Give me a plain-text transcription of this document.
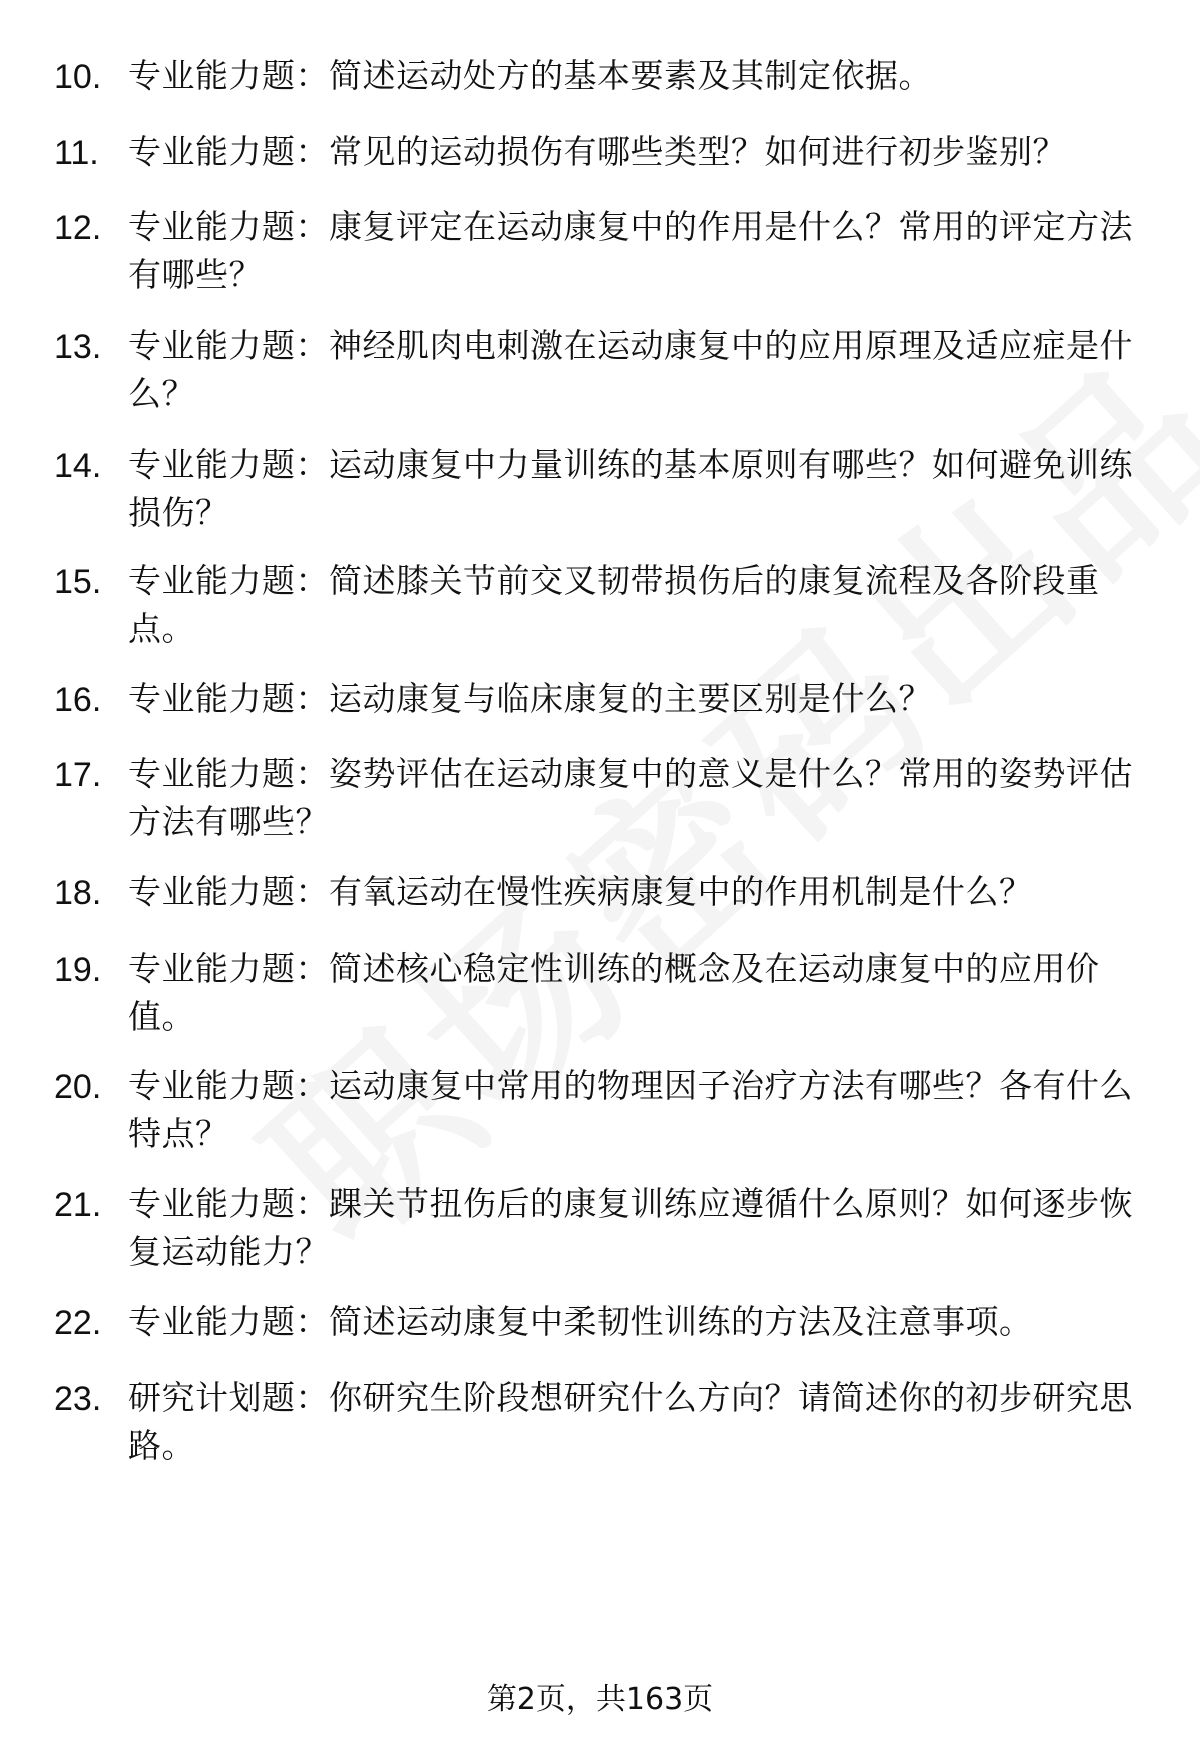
10. 专业能力题：简述运动处方的基本要素及其制定依据。
11. 专业能力题：常见的运动损伤有哪些类型？如何进行初步鉴别？
12. 专业能力题：康复评定在运动康复中的作用是什么？常用的评定方法有哪些？
13. 专业能力题：神经肌肉电刺激在运动康复中的应用原理及适应症是什么？
14. 专业能力题：运动康复中力量训练的基本原则有哪些？如何避免训练损伤？
15. 专业能力题：简述膝关节前交叉韧带损伤后的康复流程及各阶段重点。
16. 专业能力题：运动康复与临床康复的主要区别是什么？
17. 专业能力题：姿势评估在运动康复中的意义是什么？常用的姿势评估方法有哪些？
18. 专业能力题：有氧运动在慢性疾病康复中的作用机制是什么？
19. 专业能力题：简述核心稳定性训练的概念及在运动康复中的应用价值。
20. 专业能力题：运动康复中常用的物理因子治疗方法有哪些？各有什么特点？
21. 专业能力题：踝关节扭伤后的康复训练应遵循什么原则？如何逐步恢复运动能力？
22. 专业能力题：简述运动康复中柔韧性训练的方法及注意事项。
23. 研究计划题：你研究生阶段想研究什么方向？请简述你的初步研究思路。
第2页，共163页
